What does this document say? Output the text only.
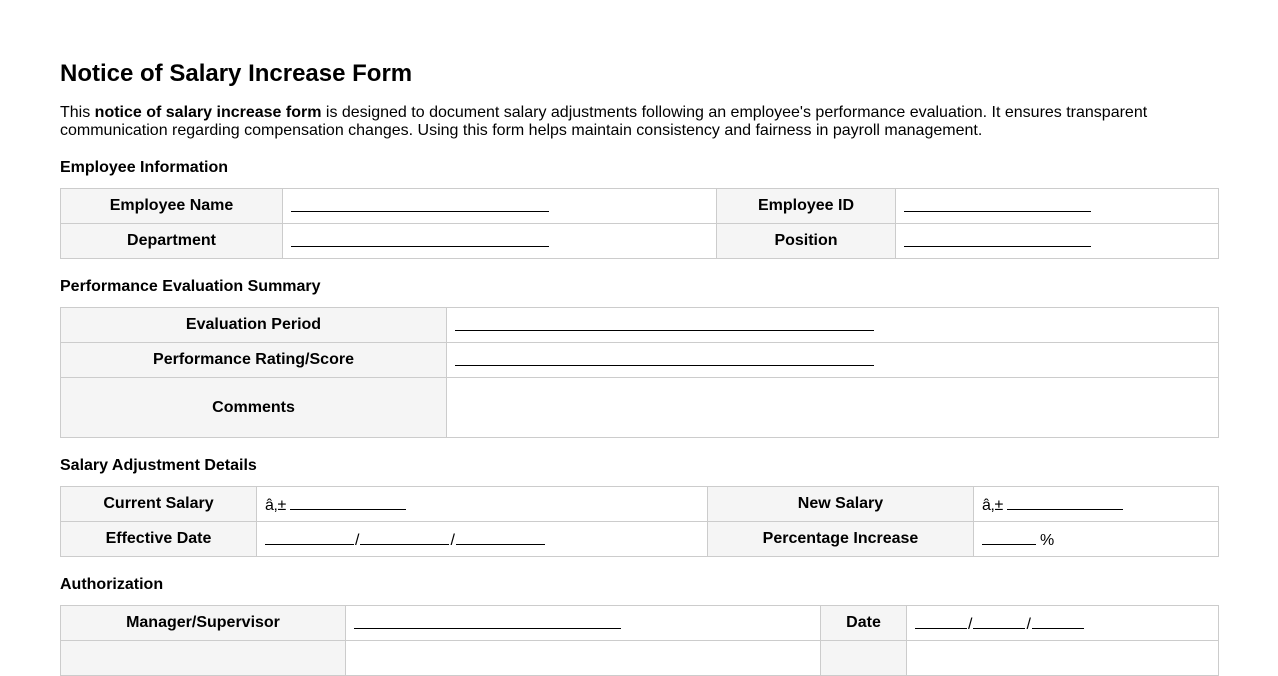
Notice of Salary Increase Form

This notice of salary increase form is designed to document salary adjustments following an employee's performance evaluation. It ensures transparent communication regarding compensation changes. Using this form helps maintain consistency and fairness in payroll management.

Employee Information
Employee Name		Employee ID	
Department		Position	
Performance Evaluation Summary
Evaluation Period	
Performance Rating/Score	
Comments	
Salary Adjustment Details
Current Salary	â‚±	New Salary	â‚±
Effective Date	/ /	Percentage Increase	%
Authorization
Manager/Supervisor		Date	/ /
